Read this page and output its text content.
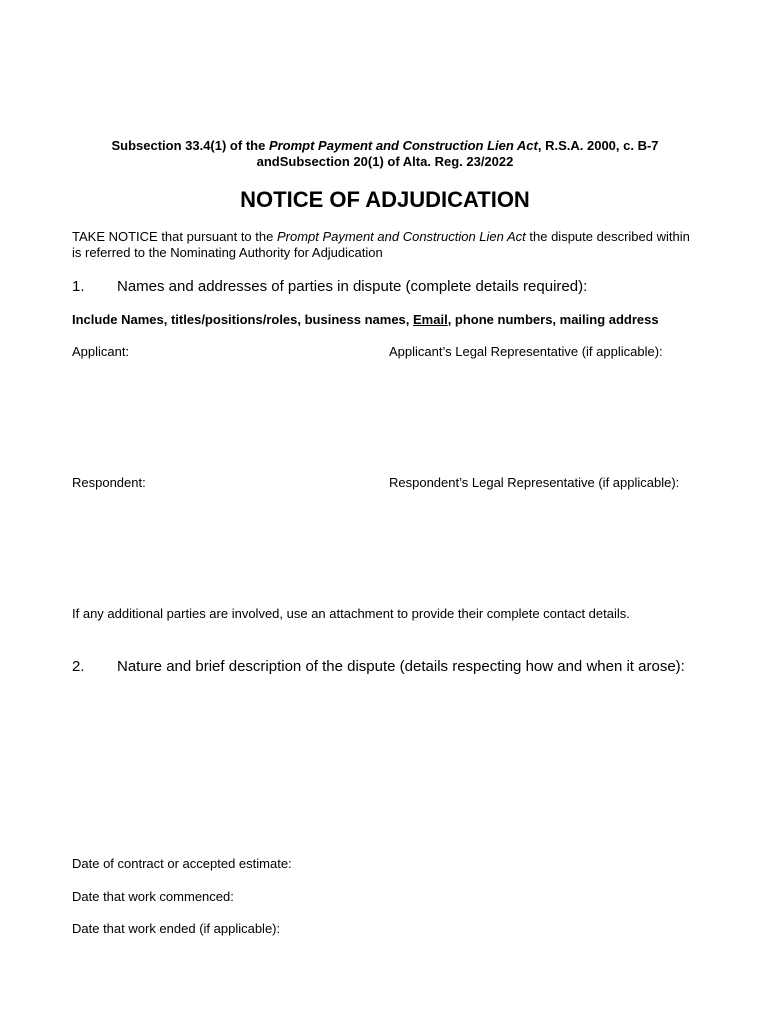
Subsection 33.4(1) of the Prompt Payment and Construction Lien Act, R.S.A. 2000, c. B-7
andSubsection 20(1) of Alta. Reg. 23/2022
NOTICE OF ADJUDICATION
TAKE NOTICE that pursuant to the Prompt Payment and Construction Lien Act the dispute described within is referred to the Nominating Authority for Adjudication
1. Names and addresses of parties in dispute (complete details required):
Include Names, titles/positions/roles, business names, Email, phone numbers, mailing address
Applicant:	Applicant’s Legal Representative (if applicable):
Respondent:	Respondent’s Legal Representative (if applicable):
If any additional parties are involved, use an attachment to provide their complete contact details.
2. Nature and brief description of the dispute (details respecting how and when it arose):
Date of contract or accepted estimate:
Date that work commenced:
Date that work ended (if applicable):
